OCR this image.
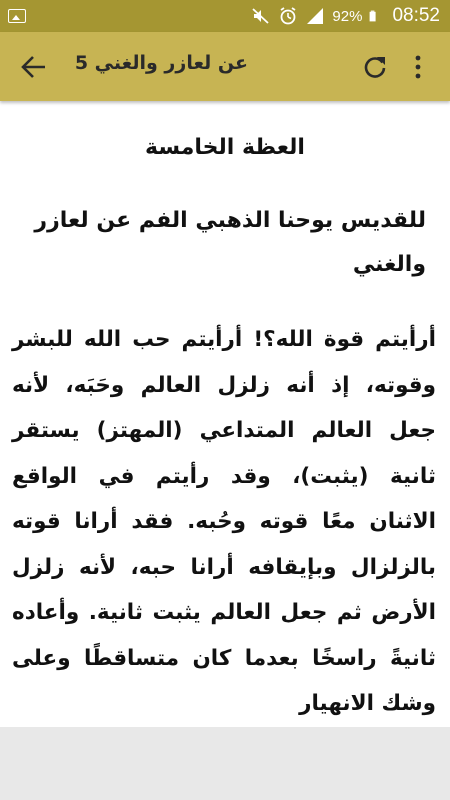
92% 08:52
عن لعازر والغني 5
العظة الخامسة
للقديس يوحنا الذهبي الفم عن لعازر والغني
أرأيتم قوة الله؟! أرأيتم حب الله للبشر وقوته، إذ أنه زلزل العالم وحَبَه، لأنه جعل العالم المتداعي (المهتز) يستقر ثانية (يثبت)، وقد رأيتم في الواقع الاثنان معًا قوته وحُبه. فقد أرانا قوته بالزلزال وبإيقافه أرانا حبه، لأنه زلزل الأرض ثم جعل العالم يثبت ثانية. وأعاده ثانيةً راسخًا بعدما كان متساقطًا وعلى وشك الانهيار
